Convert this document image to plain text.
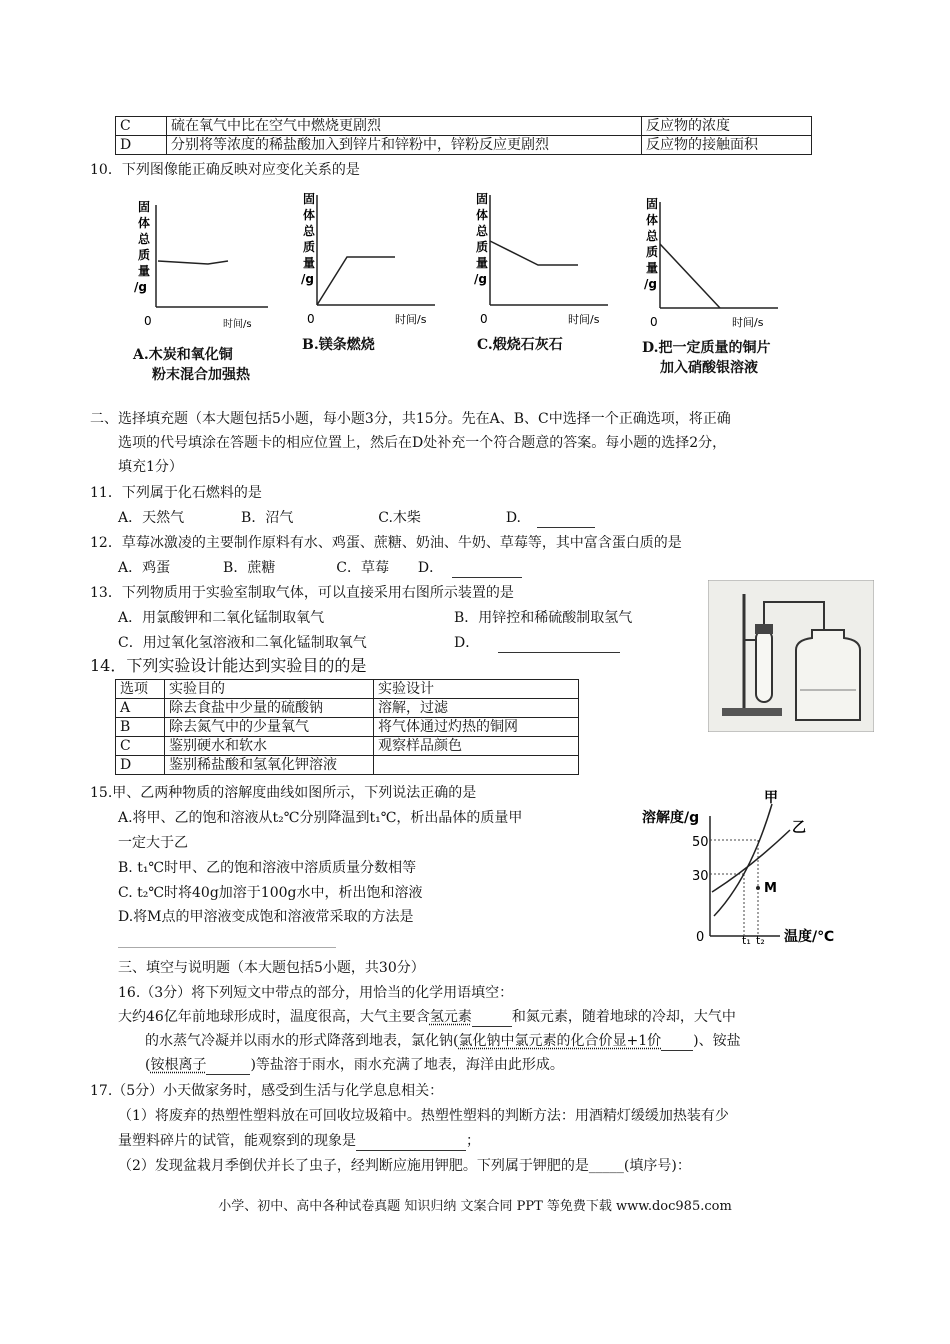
C	硫在氧气中比在空气中燃烧更剧烈	反应物的浓度
D	分别将等浓度的稀盐酸加入到锌片和锌粉中，锌粉反应更剧烈	反应物的接触面积
10．下列图像能正确反映对应变化关系的是
固
体
总
质
量
/g
0	时间/s
A.木炭和氧化铜
粉末混合加强热
固
体
总
质
量
/g
0	时间/s
B.镁条燃烧
固
体
总
质
量
/g
0	时间/s
C.煅烧石灰石
固
体
总
质
量
/g
0	时间/s
D.把一定质量的铜片
加入硝酸银溶液
二、选择填充题（本大题包括5小题，每小题3分，共15分。先在A、B、C中选择一个正确选项，将正确
选项的代号填涂在答题卡的相应位置上，然后在D处补充一个符合题意的答案。每小题的选择2分，
填充1分）
11．下列属于化石燃料的是
A．天然气	B．沼气	C.木柴	D.
12．草莓冰激凌的主要制作原料有水、鸡蛋、蔗糖、奶油、牛奶、草莓等，其中富含蛋白质的是
A．鸡蛋	B．蔗糖	C．草莓 D．
13．下列物质用于实验室制取气体，可以直接采用右图所示装置的是
A．用氯酸钾和二氧化锰制取氧气	B．用锌控和稀硫酸制取氢气
C．用过氧化氢溶液和二氧化锰制取氧气	D．
14．下列实验设计能达到实验目的的是
选项	实验目的	实验设计
A	除去食盐中少量的硫酸钠	溶解，过滤
B	除去氮气中的少量氧气	将气体通过灼热的铜网
C	鉴别硬水和软水	观察样品颜色
D	鉴别稀盐酸和氢氧化钾溶液	
15.甲、乙两种物质的溶解度曲线如图所示，下列说法正确的是
A.将甲、乙的饱和溶液从t₂℃分别降温到t₁℃，析出晶体的质量甲
一定大于乙
B. t₁℃时甲、乙的饱和溶液中溶质质量分数相等
C. t₂℃时将40g加溶于100g水中，析出饱和溶液
D.将M点的甲溶液变成饱和溶液常采取的方法是
溶解度/g
温度/℃
50
30
0	t₁ t₂
甲
乙
M
三、填空与说明题（本大题包括5小题，共30分）
16.（3分）将下列短文中带点的部分，用恰当的化学用语填空：
大约46亿年前地球形成时，温度很高，大气主要含氢元素	和氮元素，随着地球的冷却，大气中
的水蒸气冷凝并以雨水的形式降落到地表，氯化钠(氯化钠中氯元素的化合价显+1价 )、铵盐
(铵根离子	)等盐溶于雨水，雨水充满了地表，海洋由此形成。
17.（5分）小天做家务时，感受到生活与化学息息相关：
（1）将废弃的热塑性塑料放在可回收垃圾箱中。热塑性塑料的判断方法：用酒精灯缓缓加热装有少
量塑料碎片的试管，能观察到的现象是	；
（2）发现盆栽月季倒伏并长了虫子，经判断应施用钾肥。下列属于钾肥的是_____(填序号)：
小学、初中、高中各种试卷真题 知识归纳 文案合同 PPT 等免费下载 www.doc985.com
